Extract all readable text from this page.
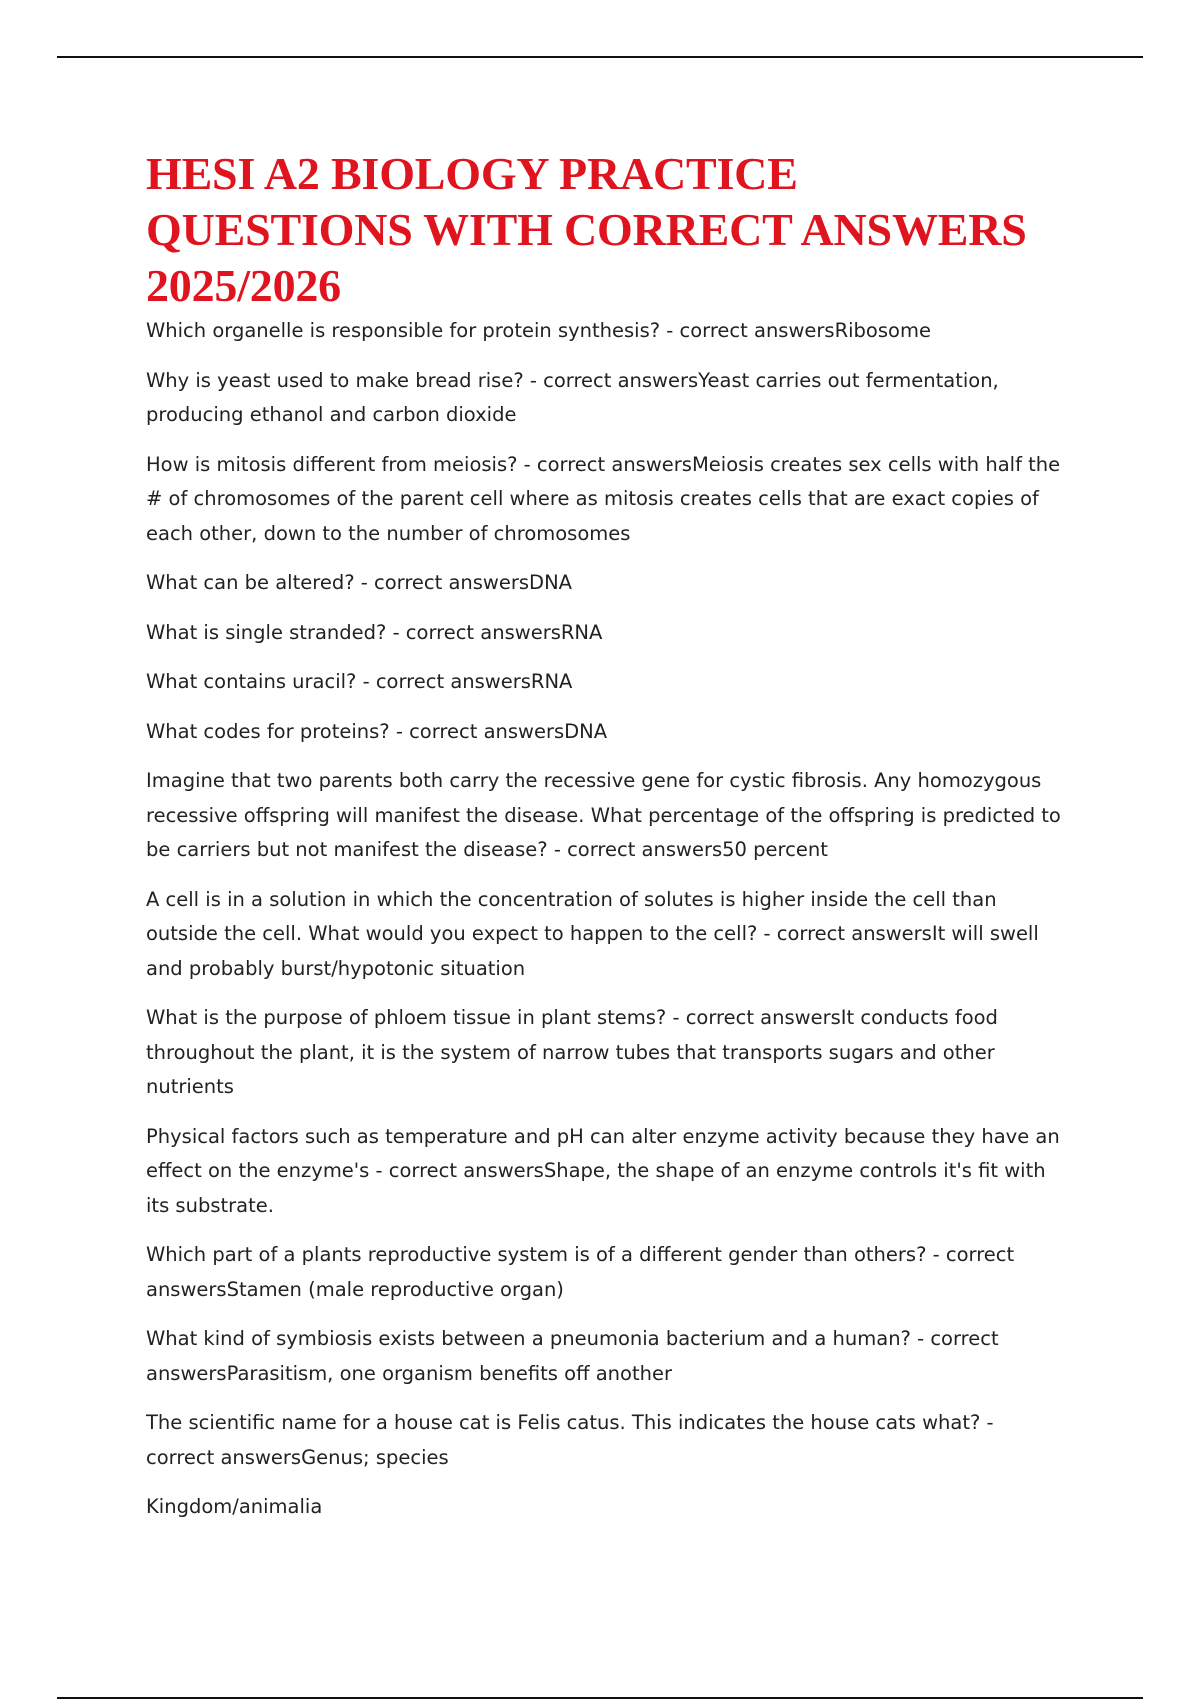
HESI A2 BIOLOGY PRACTICE QUESTIONS WITH CORRECT ANSWERS 2025/2026
Which organelle is responsible for protein synthesis? - correct answersRibosome
Why is yeast used to make bread rise? - correct answersYeast carries out fermentation, producing ethanol and carbon dioxide
How is mitosis different from meiosis? - correct answersMeiosis creates sex cells with half the # of chromosomes of the parent cell where as mitosis creates cells that are exact copies of each other, down to the number of chromosomes
What can be altered? - correct answersDNA
What is single stranded? - correct answersRNA
What contains uracil? - correct answersRNA
What codes for proteins? - correct answersDNA
Imagine that two parents both carry the recessive gene for cystic fibrosis. Any homozygous recessive offspring will manifest the disease. What percentage of the offspring is predicted to be carriers but not manifest the disease? - correct answers50 percent
A cell is in a solution in which the concentration of solutes is higher inside the cell than outside the cell. What would you expect to happen to the cell? - correct answersIt will swell and probably burst/hypotonic situation
What is the purpose of phloem tissue in plant stems? - correct answersIt conducts food throughout the plant, it is the system of narrow tubes that transports sugars and other nutrients
Physical factors such as temperature and pH can alter enzyme activity because they have an effect on the enzyme's - correct answersShape, the shape of an enzyme controls it's fit with its substrate.
Which part of a plants reproductive system is of a different gender than others? - correct answersStamen (male reproductive organ)
What kind of symbiosis exists between a pneumonia bacterium and a human? - correct answersParasitism, one organism benefits off another
The scientific name for a house cat is Felis catus. This indicates the house cats what? - correct answersGenus; species
Kingdom/animalia
